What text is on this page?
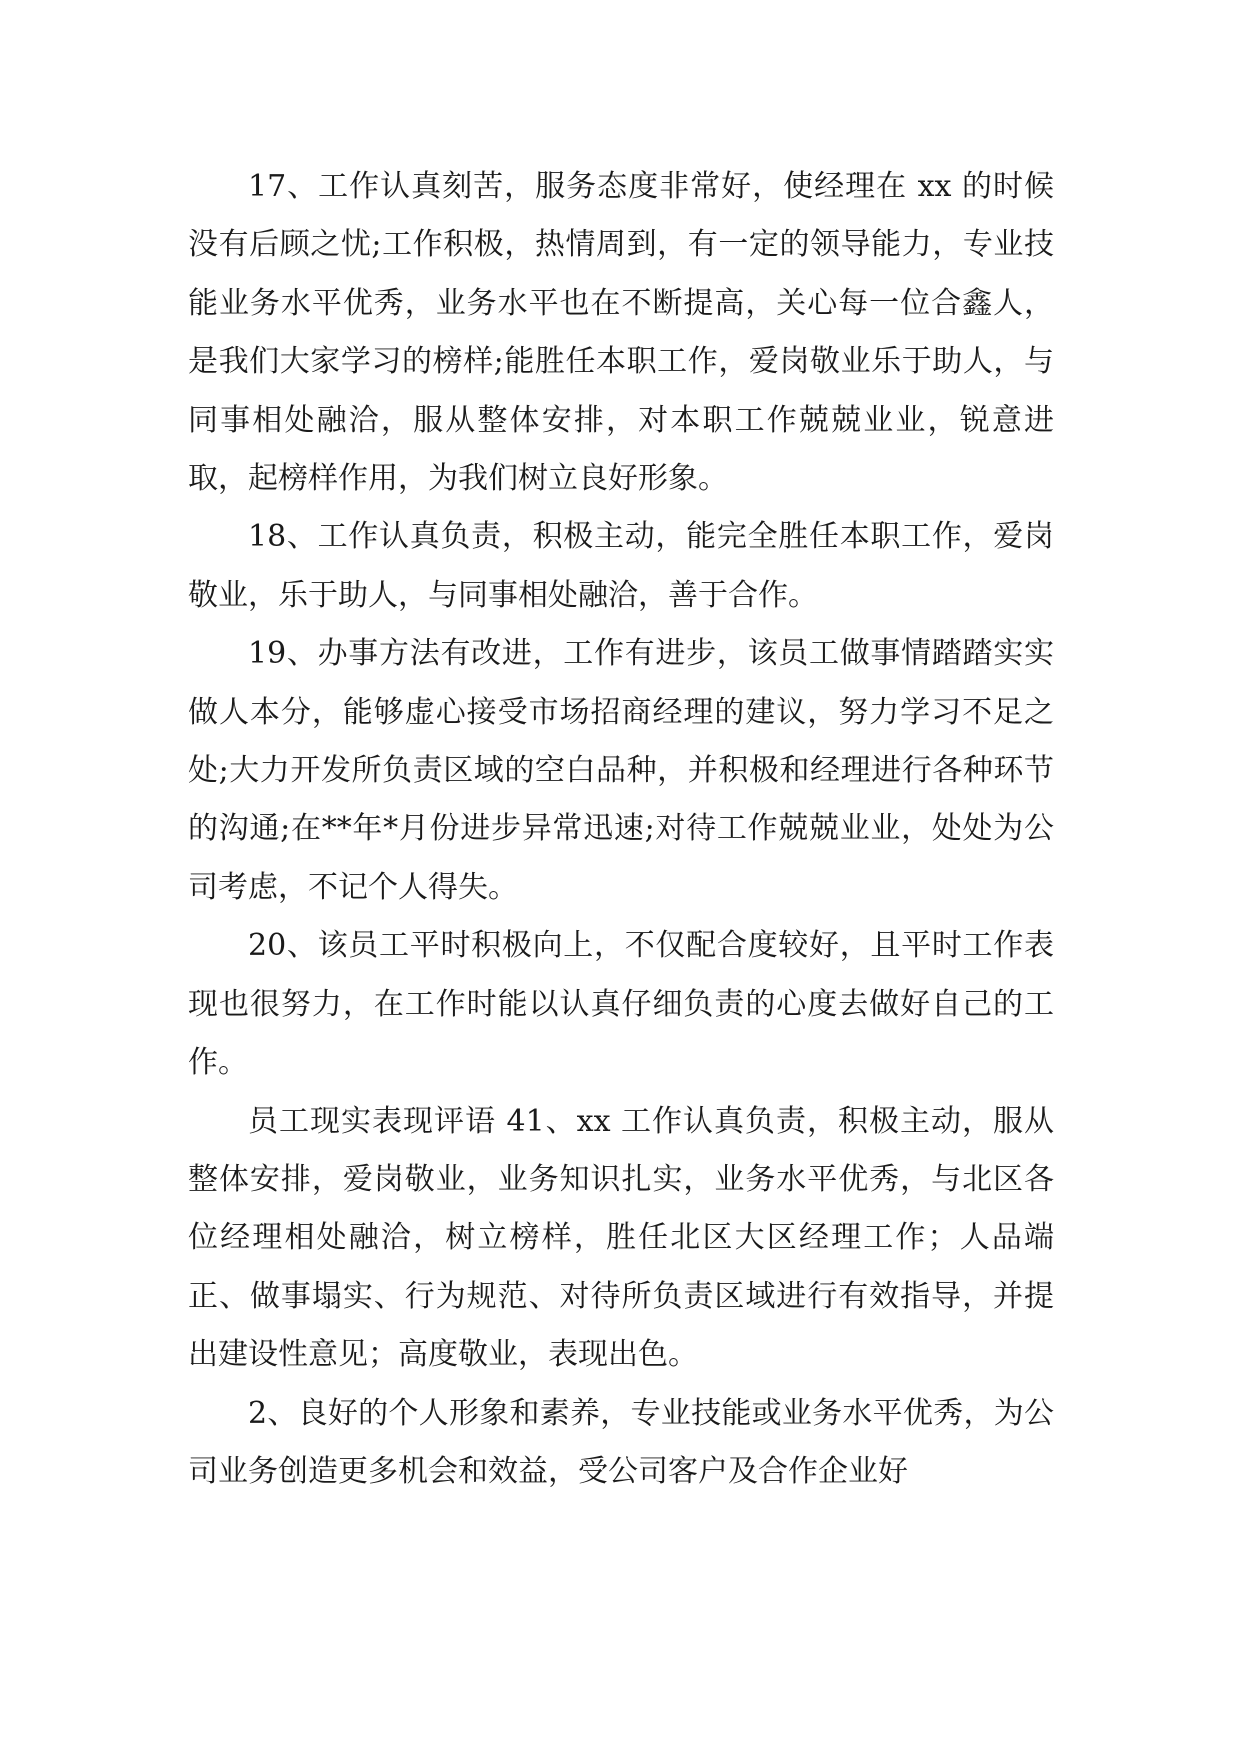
17、工作认真刻苦，服务态度非常好，使经理在 xx 的时候没有后顾之忧;工作积极，热情周到，有一定的领导能力，专业技能业务水平优秀，业务水平也在不断提高，关心每一位合鑫人，是我们大家学习的榜样;能胜任本职工作，爱岗敬业乐于助人，与同事相处融洽，服从整体安排，对本职工作兢兢业业，锐意进取，起榜样作用，为我们树立良好形象。

18、工作认真负责，积极主动，能完全胜任本职工作，爱岗敬业，乐于助人，与同事相处融洽，善于合作。

19、办事方法有改进，工作有进步，该员工做事情踏踏实实做人本分，能够虚心接受市场招商经理的建议，努力学习不足之处;大力开发所负责区域的空白品种，并积极和经理进行各种环节的沟通;在**年*月份进步异常迅速;对待工作兢兢业业，处处为公司考虑，不记个人得失。

20、该员工平时积极向上，不仅配合度较好，且平时工作表现也很努力，在工作时能以认真仔细负责的心度去做好自己的工作。

员工现实表现评语 41、xx 工作认真负责，积极主动，服从整体安排，爱岗敬业，业务知识扎实，业务水平优秀，与北区各位经理相处融洽，树立榜样，胜任北区大区经理工作；人品端正、做事塌实、行为规范、对待所负责区域进行有效指导，并提出建设性意见；高度敬业，表现出色。

2、良好的个人形象和素养，专业技能或业务水平优秀，为公司业务创造更多机会和效益，受公司客户及合作企业好
